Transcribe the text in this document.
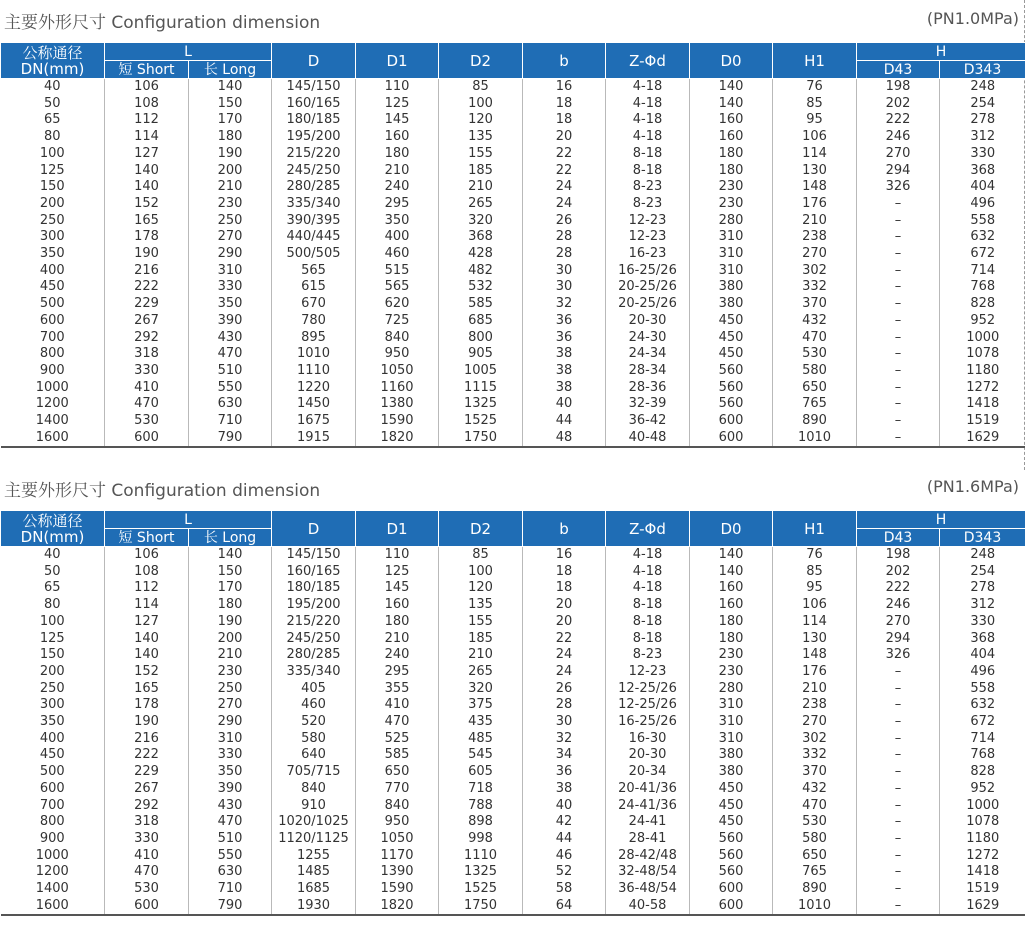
主要外形尺寸 Configuration dimension	(PN1.0MPa)
公称通径
DN(mm)	L		D	D1	D2	b	Z-Φd	D0	H1	H	
	短 Short	长 Long								D43	D343
40	106	140	145/150	110	85	16	4-18	140	76	198	248
50	108	150	160/165	125	100	18	4-18	140	85	202	254
65	112	170	180/185	145	120	18	4-18	160	95	222	278
80	114	180	195/200	160	135	20	4-18	160	106	246	312
100	127	190	215/220	180	155	22	8-18	180	114	270	330
125	140	200	245/250	210	185	22	8-18	180	130	294	368
150	140	210	280/285	240	210	24	8-23	230	148	326	404
200	152	230	335/340	295	265	24	8-23	230	176	–	496
250	165	250	390/395	350	320	26	12-23	280	210	–	558
300	178	270	440/445	400	368	28	12-23	310	238	–	632
350	190	290	500/505	460	428	28	16-23	310	270	–	672
400	216	310	565	515	482	30	16-25/26	310	302	–	714
450	222	330	615	565	532	30	20-25/26	380	332	–	768
500	229	350	670	620	585	32	20-25/26	380	370	–	828
600	267	390	780	725	685	36	20-30	450	432	–	952
700	292	430	895	840	800	36	24-30	450	470	–	1000
800	318	470	1010	950	905	38	24-34	450	530	–	1078
900	330	510	1110	1050	1005	38	28-34	560	580	–	1180
1000	410	550	1220	1160	1115	38	28-36	560	650	–	1272
1200	470	630	1450	1380	1325	40	32-39	560	765	–	1418
1400	530	710	1675	1590	1525	44	36-42	600	890	–	1519
1600	600	790	1915	1820	1750	48	40-48	600	1010	–	1629
主要外形尺寸 Configuration dimension	(PN1.6MPa)
公称通径
DN(mm)	L		D	D1	D2	b	Z-Φd	D0	H1	H	
	短 Short	长 Long								D43	D343
40	106	140	145/150	110	85	16	4-18	140	76	198	248
50	108	150	160/165	125	100	18	4-18	140	85	202	254
65	112	170	180/185	145	120	18	4-18	160	95	222	278
80	114	180	195/200	160	135	20	8-18	160	106	246	312
100	127	190	215/220	180	155	20	8-18	180	114	270	330
125	140	200	245/250	210	185	22	8-18	180	130	294	368
150	140	210	280/285	240	210	24	8-23	230	148	326	404
200	152	230	335/340	295	265	24	12-23	230	176	–	496
250	165	250	405	355	320	26	12-25/26	280	210	–	558
300	178	270	460	410	375	28	12-25/26	310	238	–	632
350	190	290	520	470	435	30	16-25/26	310	270	–	672
400	216	310	580	525	485	32	16-30	310	302	–	714
450	222	330	640	585	545	34	20-30	380	332	–	768
500	229	350	705/715	650	605	36	20-34	380	370	–	828
600	267	390	840	770	718	38	20-41/36	450	432	–	952
700	292	430	910	840	788	40	24-41/36	450	470	–	1000
800	318	470	1020/1025	950	898	42	24-41	450	530	–	1078
900	330	510	1120/1125	1050	998	44	28-41	560	580	–	1180
1000	410	550	1255	1170	1110	46	28-42/48	560	650	–	1272
1200	470	630	1485	1390	1325	52	32-48/54	560	765	–	1418
1400	530	710	1685	1590	1525	58	36-48/54	600	890	–	1519
1600	600	790	1930	1820	1750	64	40-58	600	1010	–	1629
